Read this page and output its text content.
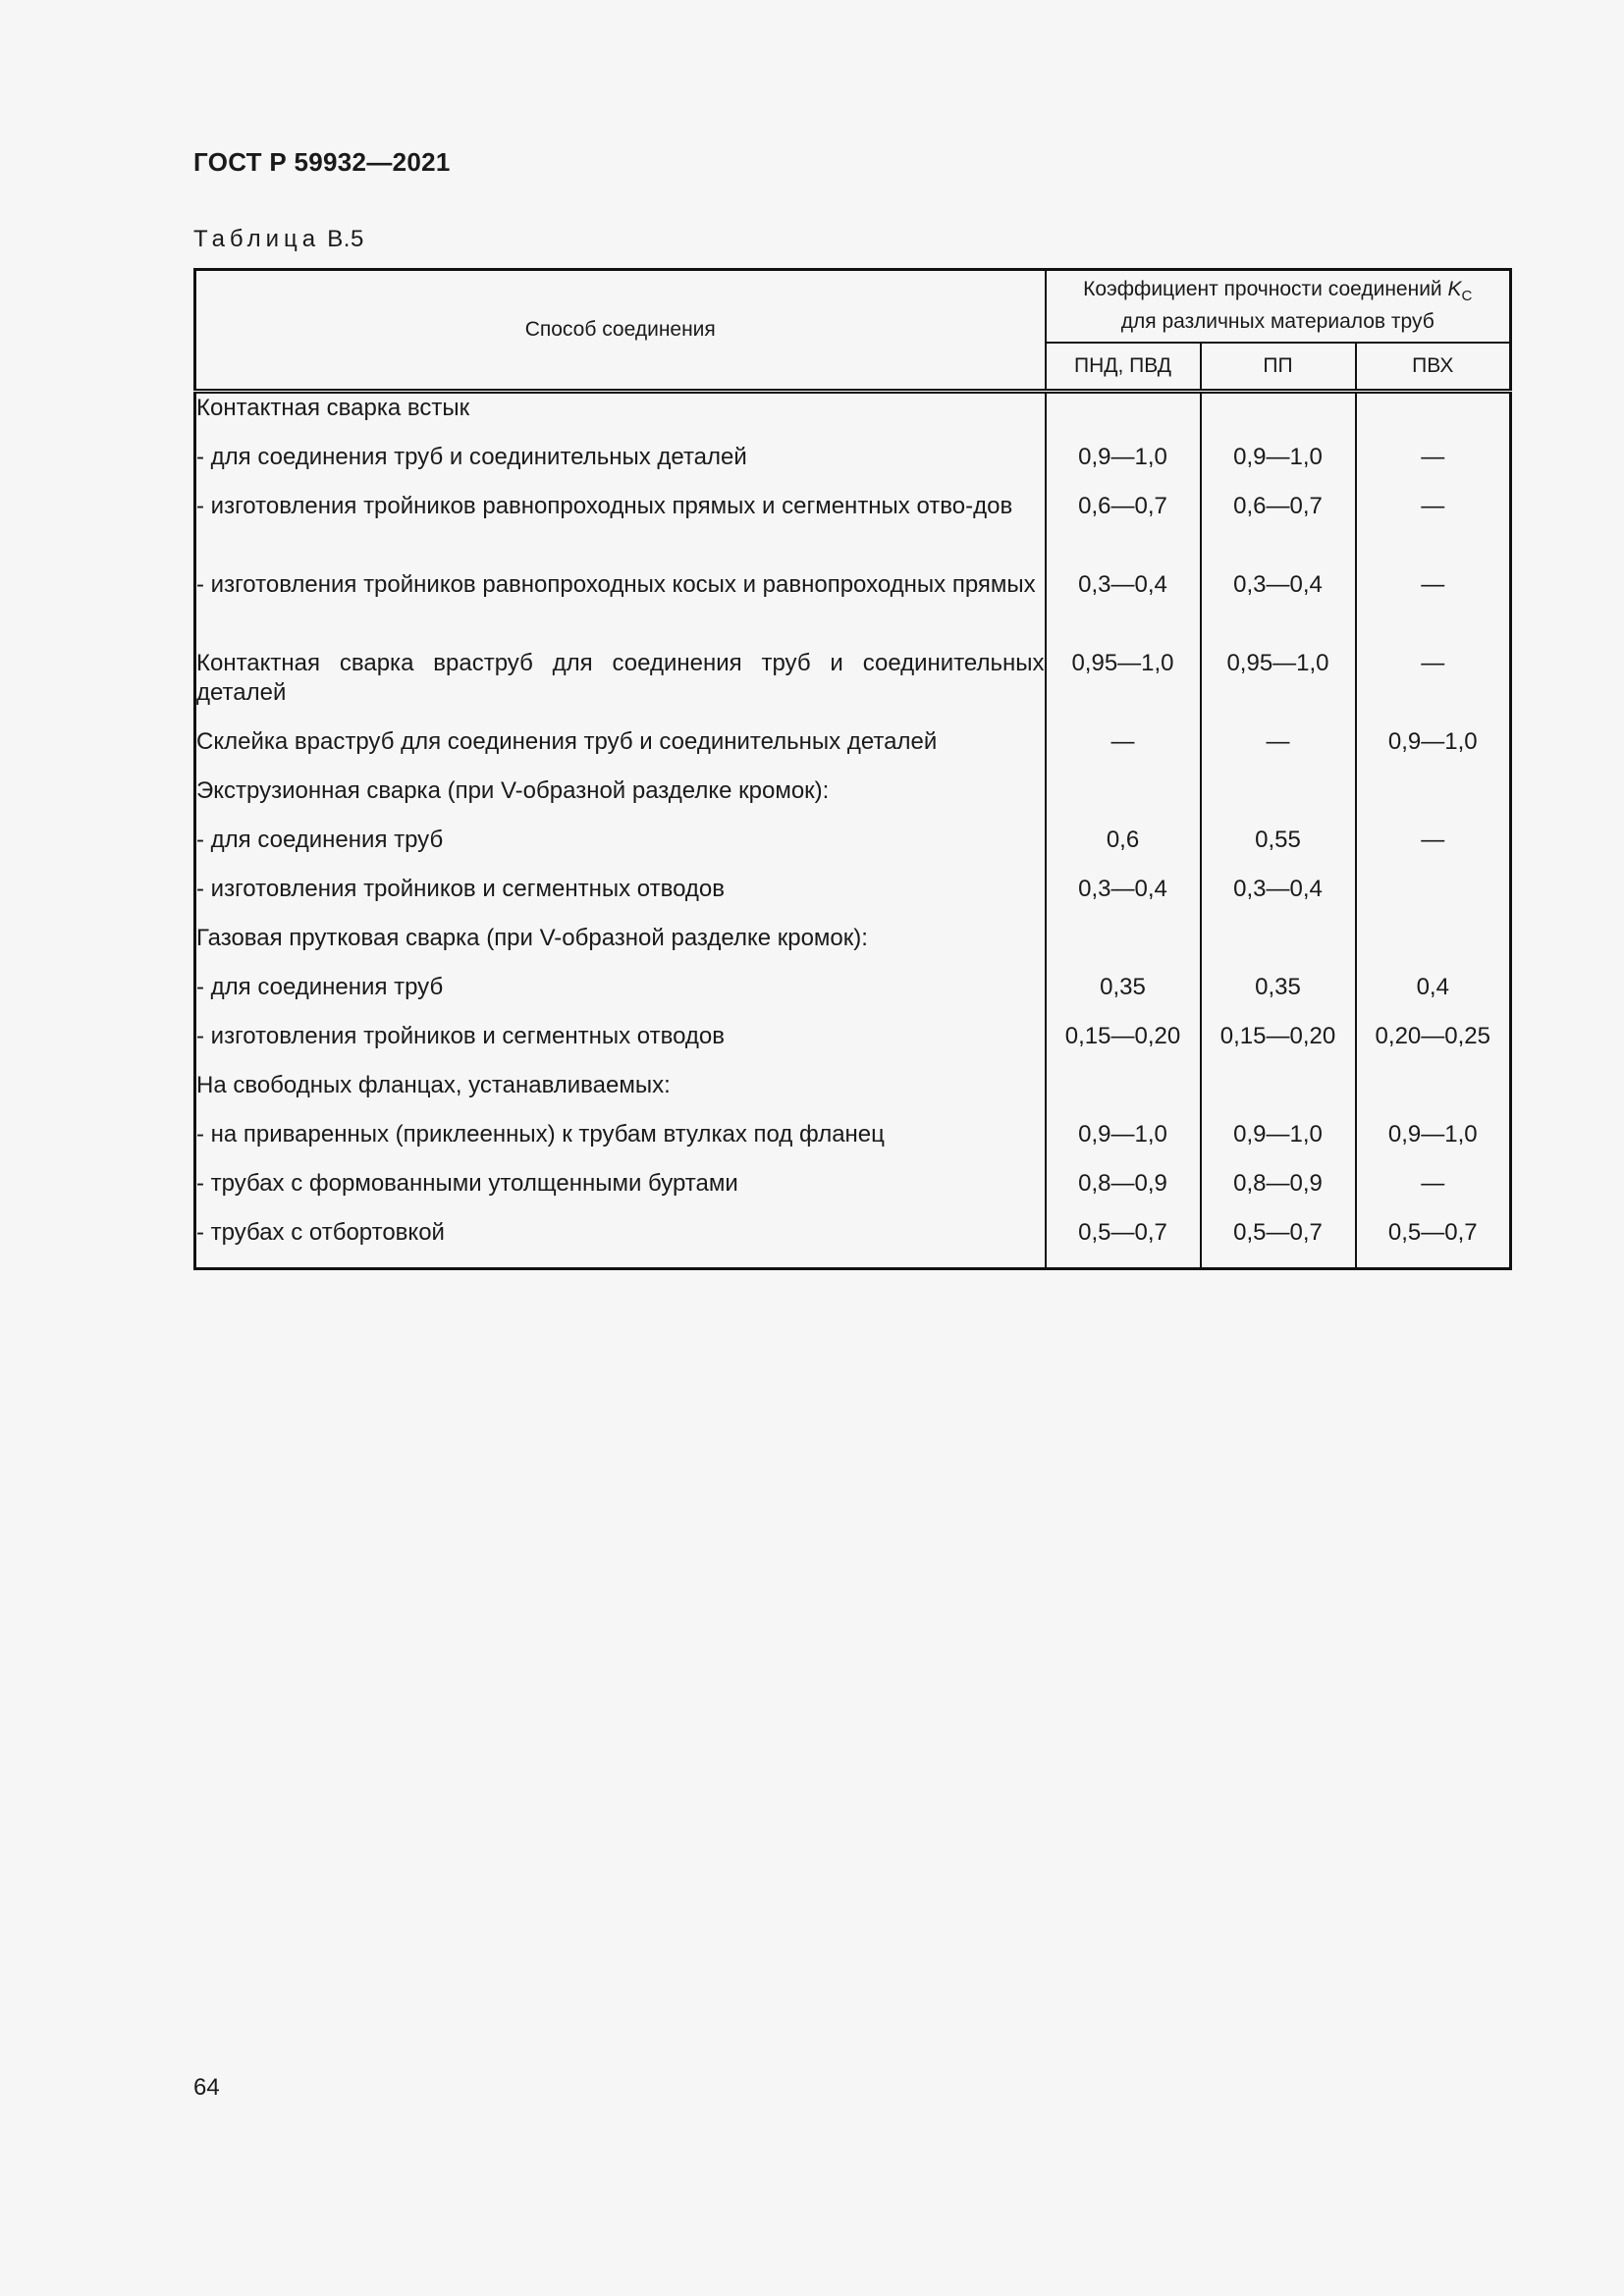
ГОСТ Р 59932—2021
Таблица В.5
Способ соединения	Коэффициент прочности соединений $K_C$
для различных материалов труб		
	ПНД, ПВД	ПП	ПВХ
Контактная сварка встык			
- для соединения труб и соединительных деталей	0,9—1,0	0,9—1,0	—
- изготовления тройников равнопроходных прямых и сегментных отво-дов	0,6—0,7	0,6—0,7	—
- изготовления тройников равнопроходных косых и равнопроходных прямых	0,3—0,4	0,3—0,4	—
Контактная сварка враструб для соединения труб и соединительных деталей	0,95—1,0	0,95—1,0	—
Склейка враструб для соединения труб и соединительных деталей	—	—	0,9—1,0
Экструзионная сварка (при V-образной разделке кромок):			
- для соединения труб	0,6	0,55	—
- изготовления тройников и сегментных отводов	0,3—0,4	0,3—0,4	
Газовая прутковая сварка (при V-образной разделке кромок):			
- для соединения труб	0,35	0,35	0,4
- изготовления тройников и сегментных отводов	0,15—0,20	0,15—0,20	0,20—0,25
На свободных фланцах, устанавливаемых:			
- на приваренных (приклеенных) к трубам втулках под фланец	0,9—1,0	0,9—1,0	0,9—1,0
- трубах с формованными утолщенными буртами	0,8—0,9	0,8—0,9	—
- трубах с отбортовкой	0,5—0,7	0,5—0,7	0,5—0,7
64
